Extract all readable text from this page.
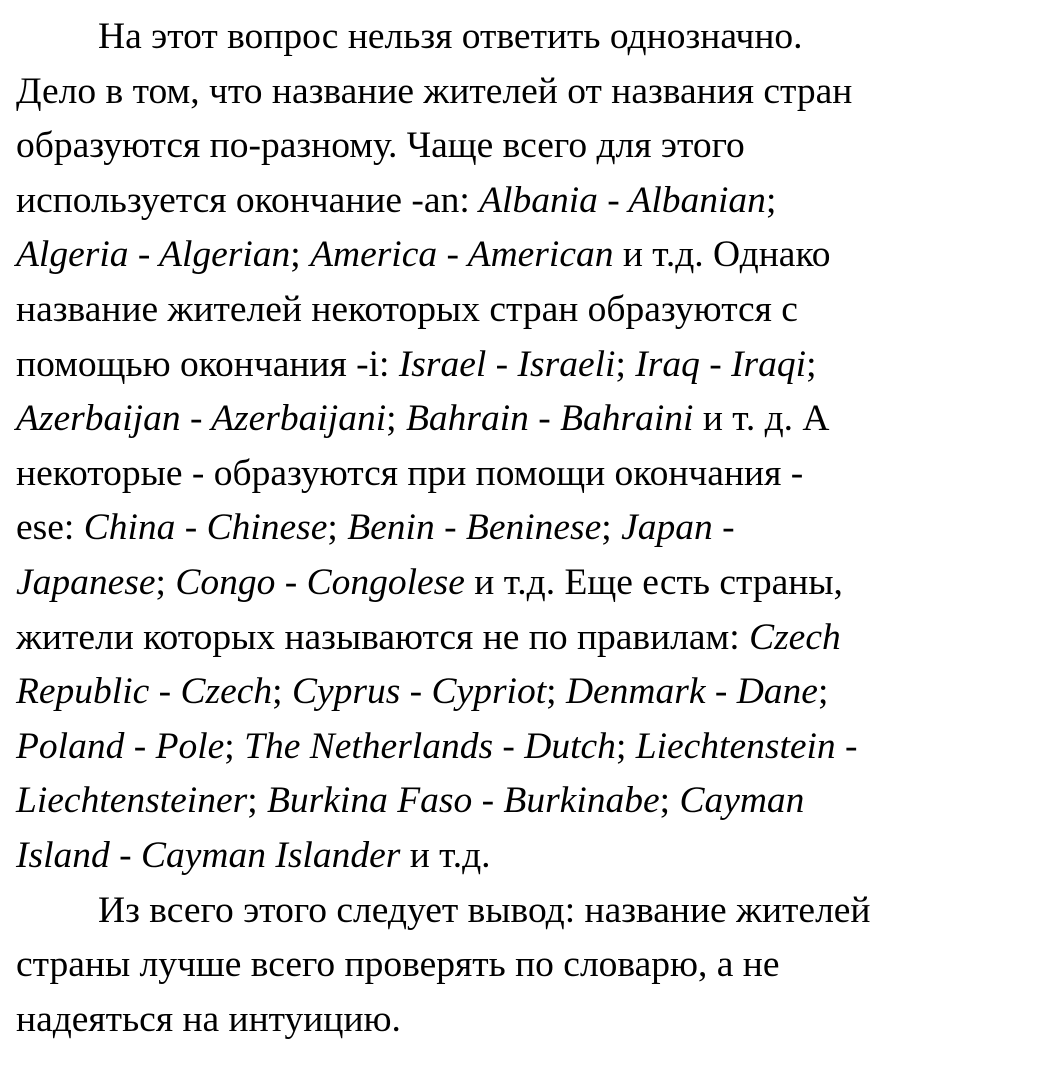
На этот вопрос нельзя ответить однозначно.
Дело в том, что название жителей от названия стран
образуются по-разному. Чаще всего для этого
используется окончание -an: Albania - Albanian;
Algeria - Algerian; America - American и т.д. Однако
название жителей некоторых стран образуются с
помощью окончания -i: Israel - Israeli; Iraq - Iraqi;
Azerbaijan - Azerbaijani; Bahrain - Bahraini и т. д. А
некоторые - образуются при помощи окончания -
ese: China - Chinese; Benin - Beninese; Japan -
Japanese; Congo - Congolese и т.д. Еще есть страны,
жители которых называются не по правилам: Czech
Republic - Czech; Cyprus - Cypriot; Denmark - Dane;
Poland - Pole; The Netherlands - Dutch; Liechtenstein -
Liechtensteiner; Burkina Faso - Burkinabe; Cayman
Island - Cayman Islander и т.д.

Из всего этого следует вывод: название жителей
страны лучше всего проверять по словарю, а не
надеяться на интуицию.
